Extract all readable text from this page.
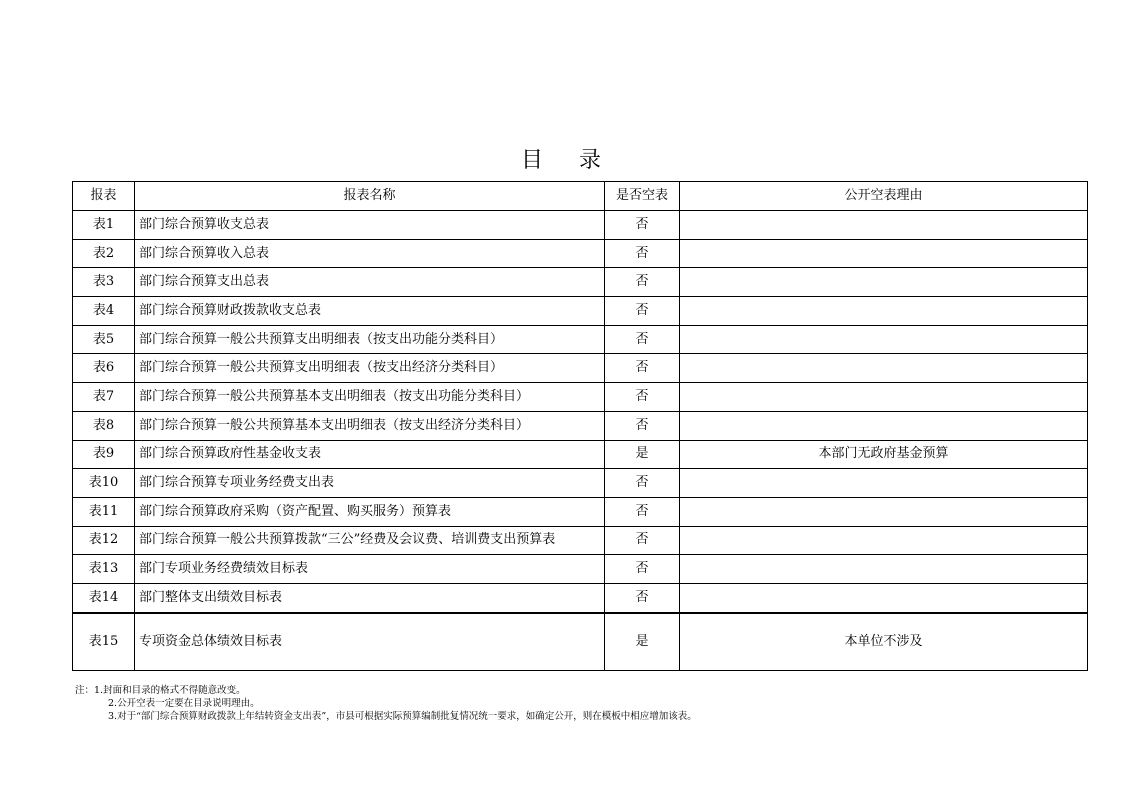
目录
报表	报表名称	是否空表	公开空表理由
表1	部门综合预算收支总表	否	
表2	部门综合预算收入总表	否	
表3	部门综合预算支出总表	否	
表4	部门综合预算财政拨款收支总表	否	
表5	部门综合预算一般公共预算支出明细表（按支出功能分类科目）	否	
表6	部门综合预算一般公共预算支出明细表（按支出经济分类科目）	否	
表7	部门综合预算一般公共预算基本支出明细表（按支出功能分类科目）	否	
表8	部门综合预算一般公共预算基本支出明细表（按支出经济分类科目）	否	
表9	部门综合预算政府性基金收支表	是	本部门无政府基金预算
表10	部门综合预算专项业务经费支出表	否	
表11	部门综合预算政府采购（资产配置、购买服务）预算表	否	
表12	部门综合预算一般公共预算拨款“三公”经费及会议费、培训费支出预算表	否	
表13	部门专项业务经费绩效目标表	否	
表14	部门整体支出绩效目标表	否	
表15	专项资金总体绩效目标表	是	本单位不涉及
注：1.封面和目录的格式不得随意改变。
2.公开空表一定要在目录说明理由。
3.对于“部门综合预算财政拨款上年结转资金支出表”，市县可根据实际预算编制批复情况统一要求，如确定公开，则在模板中相应增加该表。
